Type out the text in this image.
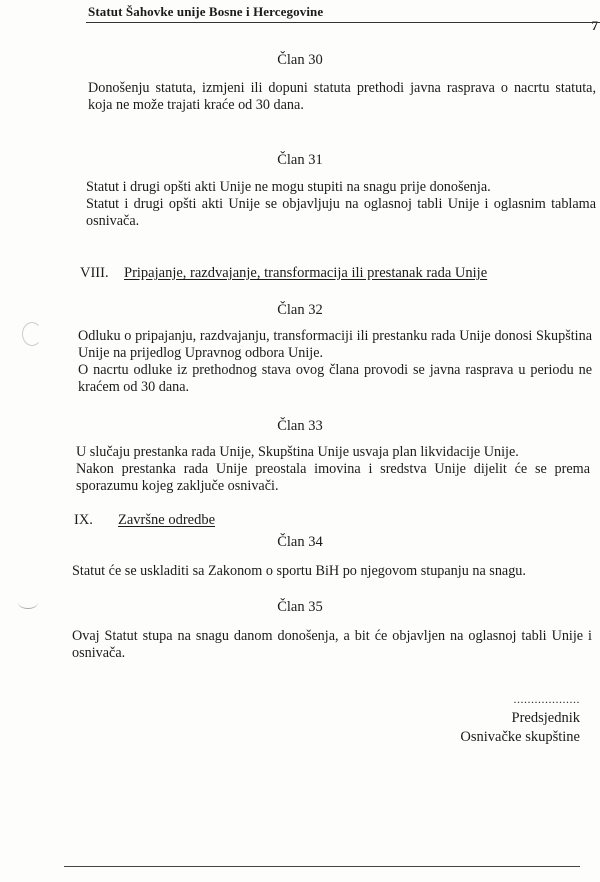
Statut Šahovke unije Bosne i Hercegovine
7
Član 30
Donošenju statuta, izmjeni ili dopuni statuta prethodi javna rasprava o nacrtu statuta, koja ne može trajati kraće od 30 dana.
Član 31
Statut i drugi opšti akti Unije ne mogu stupiti na snagu prije donošenja.
Statut i drugi opšti akti Unije se objavljuju na oglasnoj tabli Unije i oglasnim tablama osnivača.
VIII. Pripajanje, razdvajanje, transformacija ili prestanak rada Unije
Član 32
Odluku o pripajanju, razdvajanju, transformaciji ili prestanku rada Unije donosi Skupština Unije na prijedlog Upravnog odbora Unije.
O nacrtu odluke iz prethodnog stava ovog člana provodi se javna rasprava u periodu ne kraćem od 30 dana.
Član 33
U slučaju prestanka rada Unije, Skupština Unije usvaja plan likvidacije Unije.
Nakon prestanka rada Unije preostala imovina i sredstva Unije dijelit će se prema sporazumu kojeg zaključe osnivači.
IX. Završne odredbe
Član 34
Statut će se uskladiti sa Zakonom o sportu BiH po njegovom stupanju na snagu.
Član 35
Ovaj Statut stupa na snagu danom donošenja, a bit će objavljen na oglasnoj tabli Unije i osnivača.
...................
Predsjednik
Osnivačke skupštine
